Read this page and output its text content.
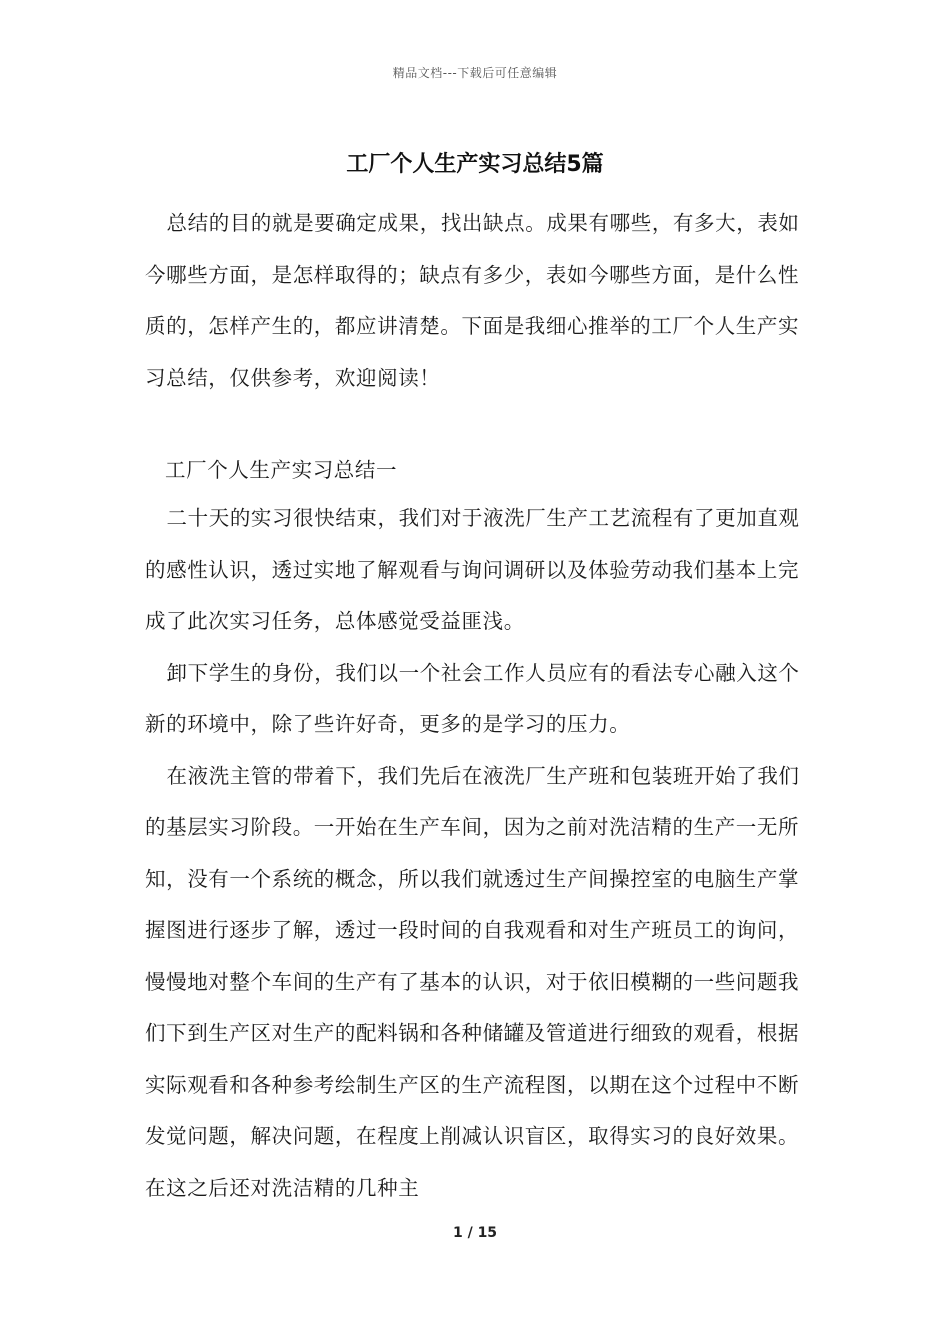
精品文档---下载后可任意编辑
工厂个人生产实习总结5篇

总结的目的就是要确定成果，找出缺点。成果有哪些，有多大，表如今哪些方面，是怎样取得的；缺点有多少，表如今哪些方面，是什么性质的，怎样产生的，都应讲清楚。下面是我细心推举的工厂个人生产实习总结，仅供参考，欢迎阅读！

工厂个人生产实习总结一

二十天的实习很快结束，我们对于液洗厂生产工艺流程有了更加直观的感性认识，透过实地了解观看与询问调研以及体验劳动我们基本上完成了此次实习任务，总体感觉受益匪浅。

卸下学生的身份，我们以一个社会工作人员应有的看法专心融入这个新的环境中，除了些许好奇，更多的是学习的压力。

在液洗主管的带着下，我们先后在液洗厂生产班和包装班开始了我们的基层实习阶段。一开始在生产车间，因为之前对洗洁精的生产一无所知，没有一个系统的概念，所以我们就透过生产间操控室的电脑生产掌握图进行逐步了解，透过一段时间的自我观看和对生产班员工的询问，慢慢地对整个车间的生产有了基本的认识，对于依旧模糊的一些问题我们下到生产区对生产的配料锅和各种储罐及管道进行细致的观看，根据实际观看和各种参考绘制生产区的生产流程图，以期在这个过程中不断发觉问题，解决问题，在程度上削减认识盲区，取得实习的良好效果。在这之后还对洗洁精的几种主

1 / 15
